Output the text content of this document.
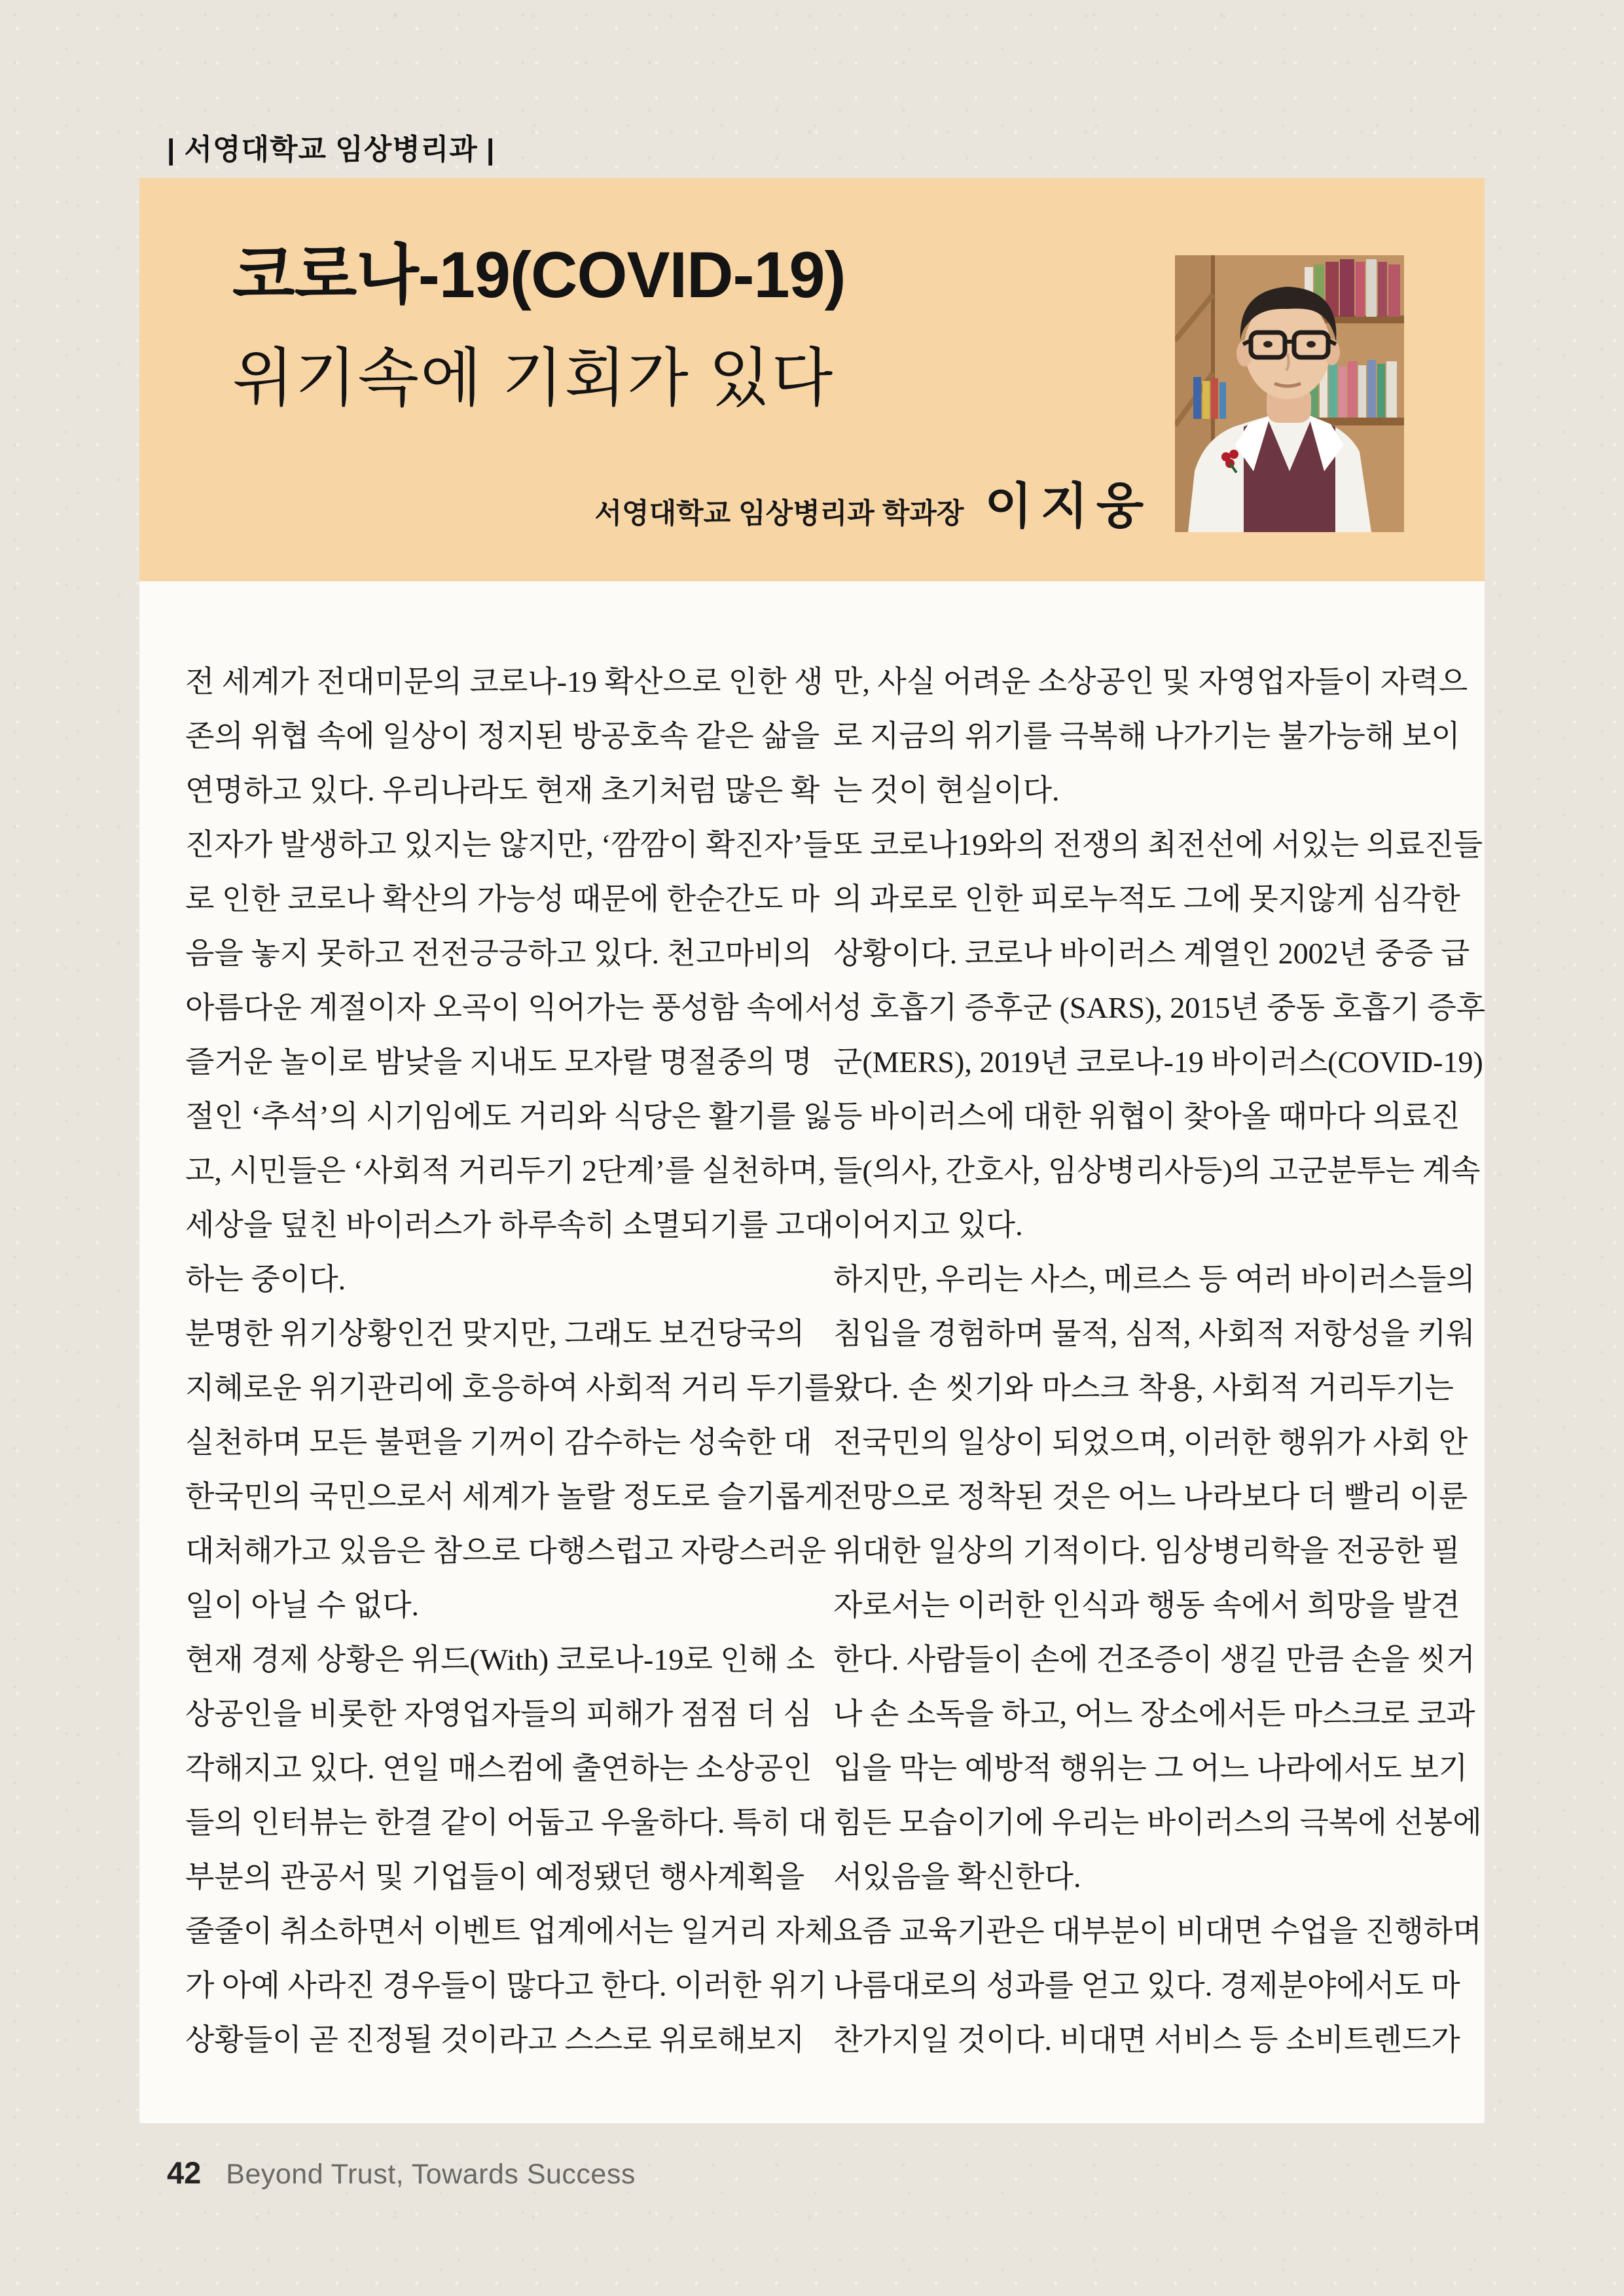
| 서영대학교 임상병리과 |
코로나-19(COVID-19)
위기속에 기회가 있다
서영대학교 임상병리과 학과장 이지웅
전 세계가 전대미문의 코로나-19 확산으로 인한 생
존의 위협 속에 일상이 정지된 방공호속 같은 삶을
연명하고 있다. 우리나라도 현재 초기처럼 많은 확
진자가 발생하고 있지는 않지만, ‘깜깜이 확진자’들
로 인한 코로나 확산의 가능성 때문에 한순간도 마
음을 놓지 못하고 전전긍긍하고 있다. 천고마비의
아름다운 계절이자 오곡이 익어가는 풍성함 속에서
즐거운 놀이로 밤낮을 지내도 모자랄 명절중의 명
절인 ‘추석’의 시기임에도 거리와 식당은 활기를 잃
고, 시민들은 ‘사회적 거리두기 2단계’를 실천하며,
세상을 덮친 바이러스가 하루속히 소멸되기를 고대
하는 중이다.
분명한 위기상황인건 맞지만, 그래도 보건당국의
지혜로운 위기관리에 호응하여 사회적 거리 두기를
실천하며 모든 불편을 기꺼이 감수하는 성숙한 대
한국민의 국민으로서 세계가 놀랄 정도로 슬기롭게
대처해가고 있음은 참으로 다행스럽고 자랑스러운
일이 아닐 수 없다.
현재 경제 상황은 위드(With) 코로나-19로 인해 소
상공인을 비롯한 자영업자들의 피해가 점점 더 심
각해지고 있다. 연일 매스컴에 출연하는 소상공인
들의 인터뷰는 한결 같이 어둡고 우울하다. 특히 대
부분의 관공서 및 기업들이 예정됐던 행사계획을
줄줄이 취소하면서 이벤트 업계에서는 일거리 자체
가 아예 사라진 경우들이 많다고 한다. 이러한 위기
상황들이 곧 진정될 것이라고 스스로 위로해보지
만, 사실 어려운 소상공인 및 자영업자들이 자력으
로 지금의 위기를 극복해 나가기는 불가능해 보이
는 것이 현실이다.
또 코로나19와의 전쟁의 최전선에 서있는 의료진들
의 과로로 인한 피로누적도 그에 못지않게 심각한
상황이다. 코로나 바이러스 계열인 2002년 중증 급
성 호흡기 증후군 (SARS), 2015년 중동 호흡기 증후
군(MERS), 2019년 코로나-19 바이러스(COVID-19)
등 바이러스에 대한 위협이 찾아올 때마다 의료진
들(의사, 간호사, 임상병리사등)의 고군분투는 계속
이어지고 있다.
하지만, 우리는 사스, 메르스 등 여러 바이러스들의
침입을 경험하며 물적, 심적, 사회적 저항성을 키워
왔다. 손 씻기와 마스크 착용, 사회적 거리두기는
전국민의 일상이 되었으며, 이러한 행위가 사회 안
전망으로 정착된 것은 어느 나라보다 더 빨리 이룬
위대한 일상의 기적이다. 임상병리학을 전공한 필
자로서는 이러한 인식과 행동 속에서 희망을 발견
한다. 사람들이 손에 건조증이 생길 만큼 손을 씻거
나 손 소독을 하고, 어느 장소에서든 마스크로 코과
입을 막는 예방적 행위는 그 어느 나라에서도 보기
힘든 모습이기에 우리는 바이러스의 극복에 선봉에
서있음을 확신한다.
요즘 교육기관은 대부분이 비대면 수업을 진행하며
나름대로의 성과를 얻고 있다. 경제분야에서도 마
찬가지일 것이다. 비대면 서비스 등 소비트렌드가
42 Beyond Trust, Towards Success
